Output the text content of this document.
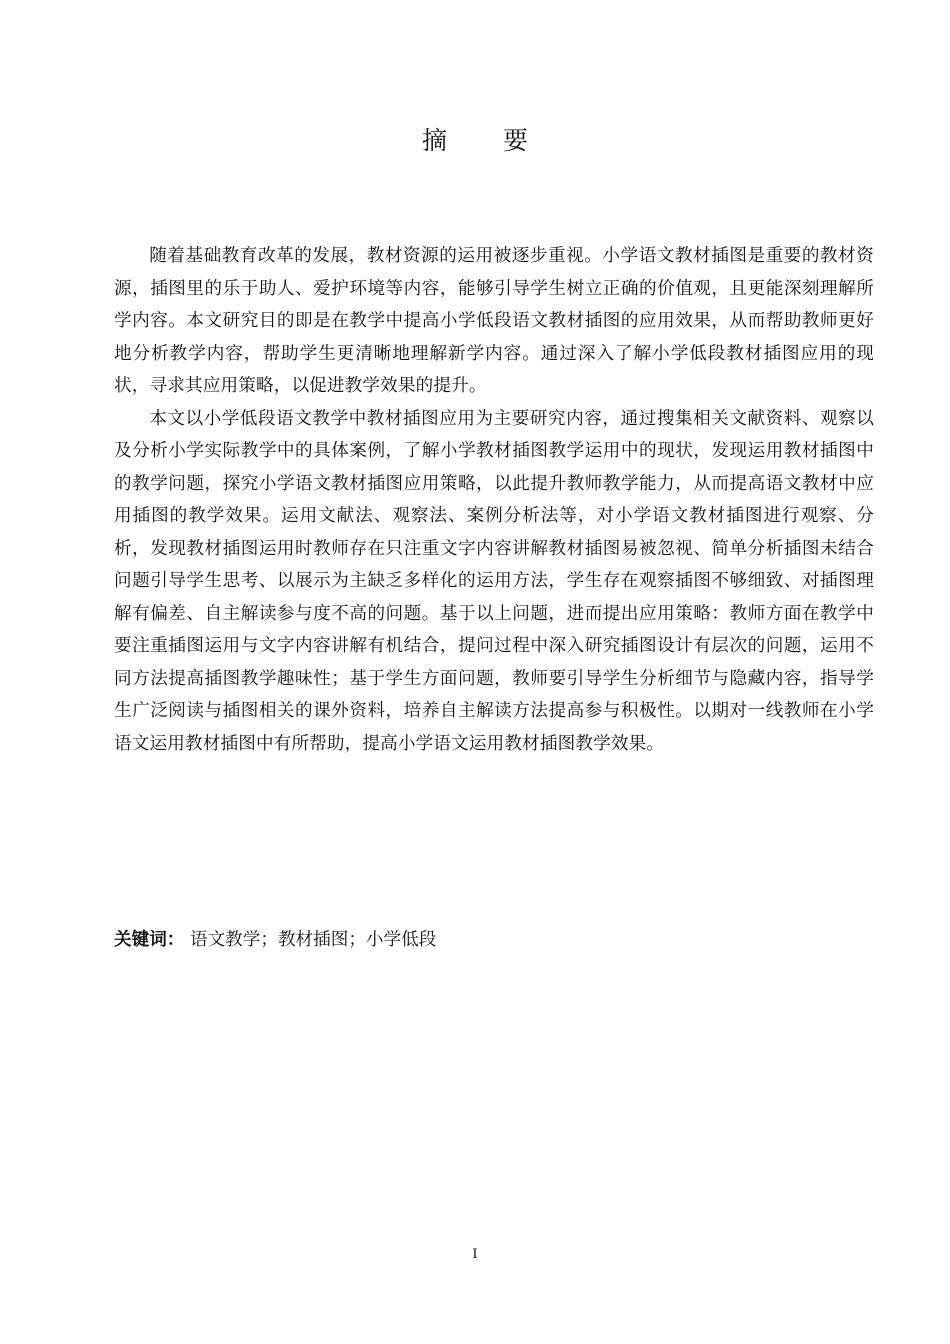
摘 要

随着基础教育改革的发展，教材资源的运用被逐步重视。小学语文教材插图是重要的教材资源，插图里的乐于助人、爱护环境等内容，能够引导学生树立正确的价值观，且更能深刻理解所学内容。本文研究目的即是在教学中提高小学低段语文教材插图的应用效果，从而帮助教师更好地分析教学内容，帮助学生更清晰地理解新学内容。通过深入了解小学低段教材插图应用的现状，寻求其应用策略，以促进教学效果的提升。

本文以小学低段语文教学中教材插图应用为主要研究内容，通过搜集相关文献资料、观察以及分析小学实际教学中的具体案例，了解小学教材插图教学运用中的现状，发现运用教材插图中的教学问题，探究小学语文教材插图应用策略，以此提升教师教学能力，从而提高语文教材中应用插图的教学效果。运用文献法、观察法、案例分析法等，对小学语文教材插图进行观察、分析，发现教材插图运用时教师存在只注重文字内容讲解教材插图易被忽视、简单分析插图未结合问题引导学生思考、以展示为主缺乏多样化的运用方法，学生存在观察插图不够细致、对插图理解有偏差、自主解读参与度不高的问题。基于以上问题，进而提出应用策略：教师方面在教学中要注重插图运用与文字内容讲解有机结合，提问过程中深入研究插图设计有层次的问题，运用不同方法提高插图教学趣味性；基于学生方面问题，教师要引导学生分析细节与隐藏内容，指导学生广泛阅读与插图相关的课外资料，培养自主解读方法提高参与积极性。以期对一线教师在小学语文运用教材插图中有所帮助，提高小学语文运用教材插图教学效果。

关键词： 语文教学；教材插图；小学低段
I
